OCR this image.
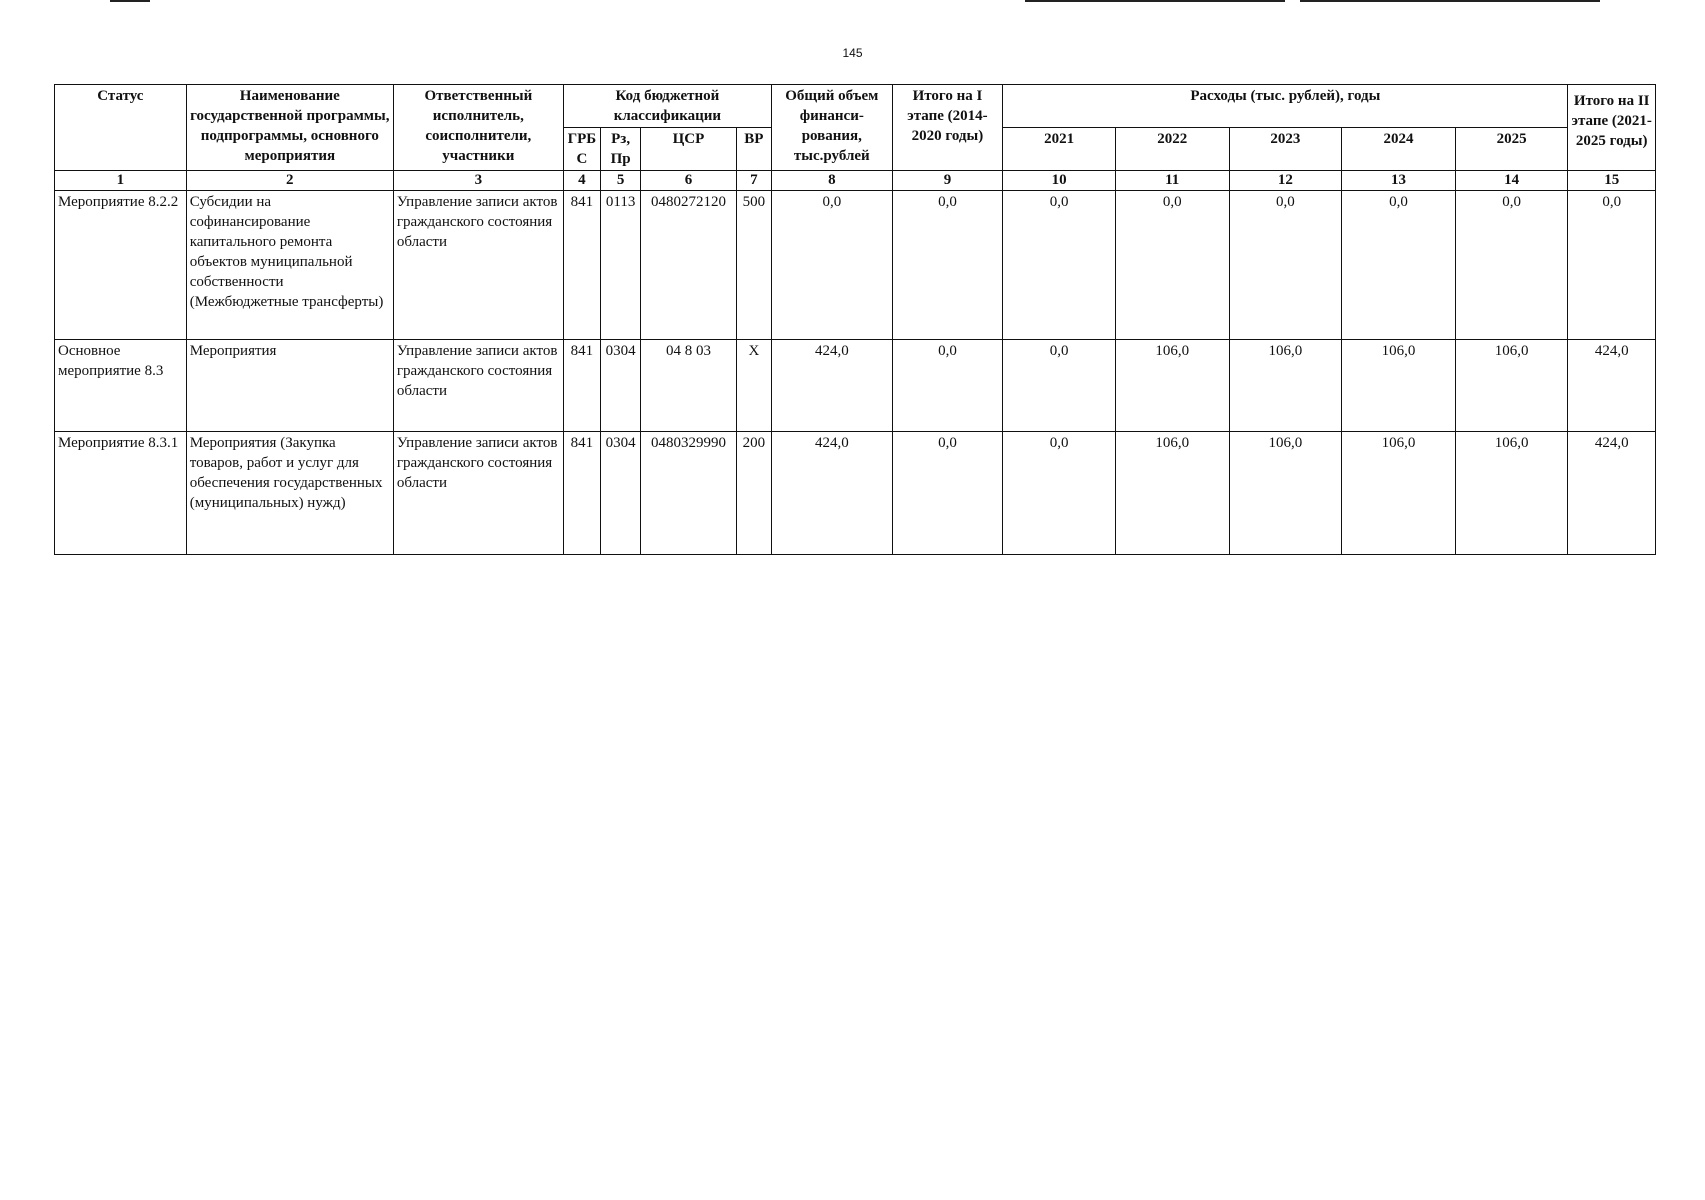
145
Статус	Наименование государственной программы, подпрограммы, основного мероприятия	Ответственный исполнитель, соисполнители, участники	Код бюджетной классификации				Общий объем финанси-рования, тыс.рублей	Итого на I этапе (2014-2020 годы)	Расходы (тыс. рублей), годы					Итого на II этапе (2021-2025 годы)
			ГРБС	Рз, Пр	ЦСР	ВР			2021	2022	2023	2024	2025	
1	2	3	4	5	6	7	8	9	10	11	12	13	14	15
Мероприятие 8.2.2	Субсидии на софинансирование капитального ремонта объектов муниципальной собственности (Межбюджетные трансферты)	Управление записи актов гражданского состояния области	841	0113	0480272120	500	0,0	0,0	0,0	0,0	0,0	0,0	0,0	0,0
Основное мероприятие 8.3	Мероприятия	Управление записи актов гражданского состояния области	841	0304	04 8 03	X	424,0	0,0	0,0	106,0	106,0	106,0	106,0	424,0
Мероприятие 8.3.1	Мероприятия (Закупка товаров, работ и услуг для обеспечения государственных (муниципальных) нужд)	Управление записи актов гражданского состояния области	841	0304	0480329990	200	424,0	0,0	0,0	106,0	106,0	106,0	106,0	424,0
